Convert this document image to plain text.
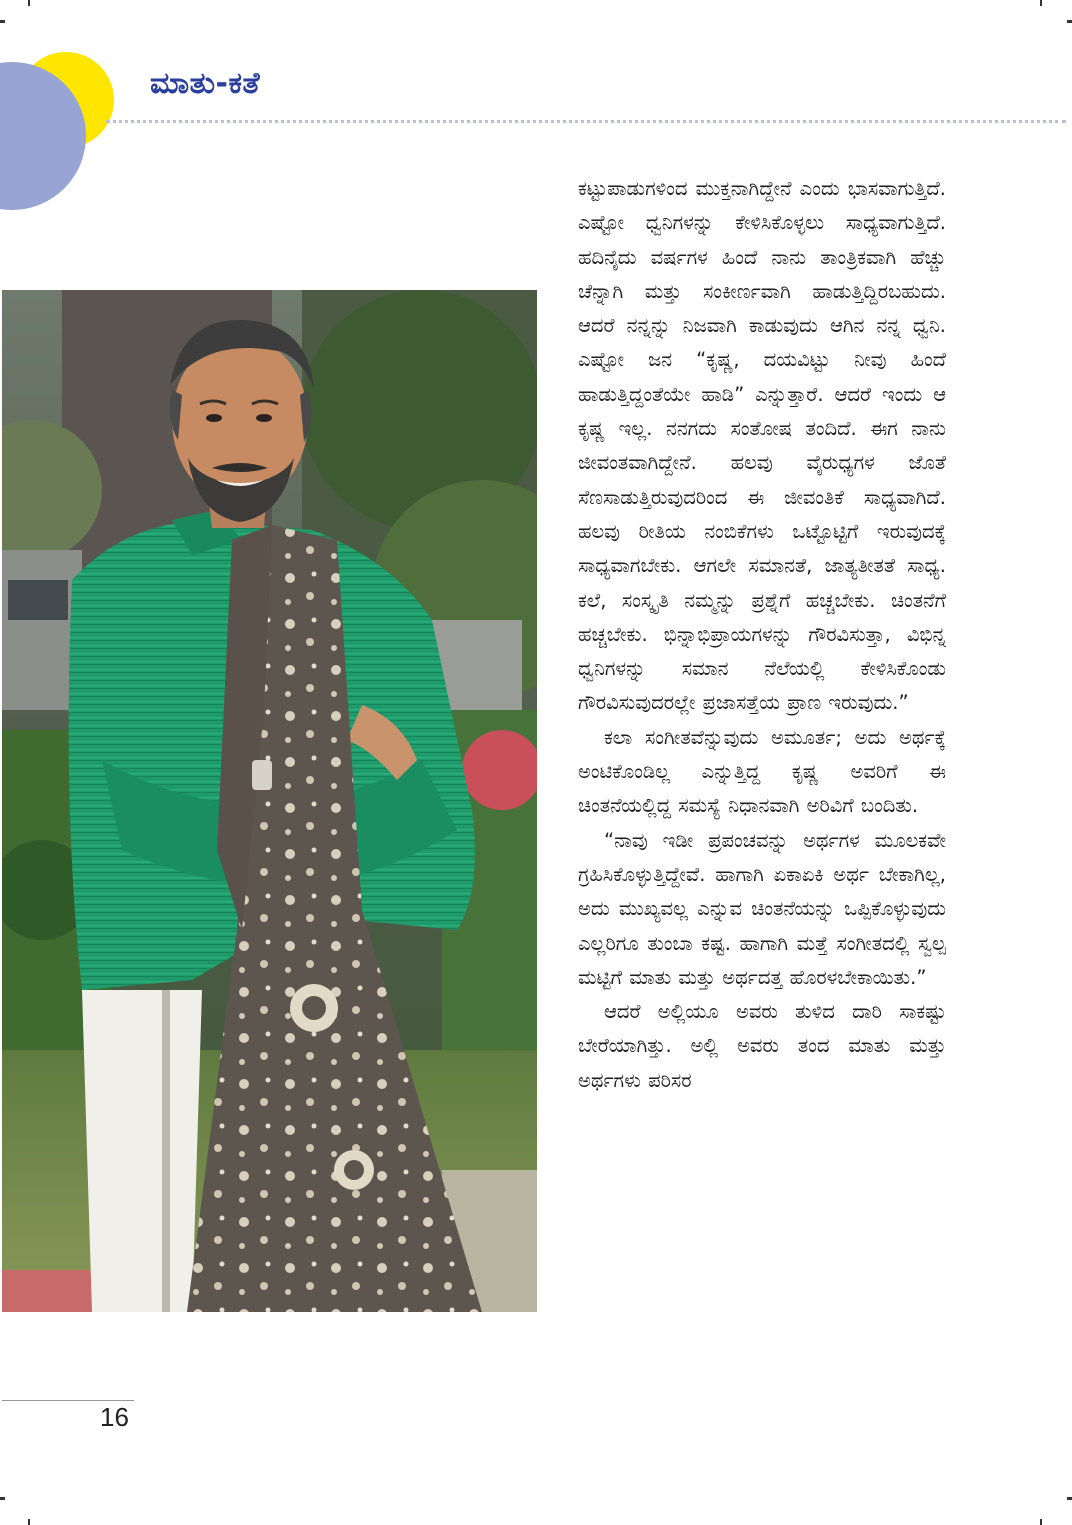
ಮಾತು-ಕತೆ

ಕಟ್ಟುಪಾಡುಗಳಿಂದ ಮುಕ್ತನಾಗಿದ್ದೇನೆ ಎಂದು ಭಾಸವಾಗುತ್ತಿದೆ. ಎಷ್ಟೋ ಧ್ವನಿಗಳನ್ನು ಕೇಳಿಸಿಕೊಳ್ಳಲು ಸಾಧ್ಯವಾಗುತ್ತಿದೆ. ಹದಿನೈದು ವರ್ಷಗಳ ಹಿಂದೆ ನಾನು ತಾಂತ್ರಿಕವಾಗಿ ಹೆಚ್ಚು ಚೆನ್ನಾಗಿ ಮತ್ತು ಸಂಕೀರ್ಣವಾಗಿ ಹಾಡುತ್ತಿದ್ದಿರಬಹುದು. ಆದರೆ ನನ್ನನ್ನು ನಿಜವಾಗಿ ಕಾಡುವುದು ಆಗಿನ ನನ್ನ ಧ್ವನಿ. ಎಷ್ಟೋ ಜನ “ಕೃಷ್ಣ, ದಯವಿಟ್ಟು ನೀವು ಹಿಂದೆ ಹಾಡುತ್ತಿದ್ದಂತೆಯೇ ಹಾಡಿ” ಎನ್ನುತ್ತಾರೆ. ಆದರೆ ಇಂದು ಆ ಕೃಷ್ಣ ಇಲ್ಲ. ನನಗದು ಸಂತೋಷ ತಂದಿದೆ. ಈಗ ನಾನು ಜೀವಂತವಾಗಿದ್ದೇನೆ. ಹಲವು ವೈರುಧ್ಯಗಳ ಜೊತೆ ಸೆಣಸಾಡುತ್ತಿರುವುದರಿಂದ ಈ ಜೀವಂತಿಕೆ ಸಾಧ್ಯವಾಗಿದೆ. ಹಲವು ರೀತಿಯ ನಂಬಿಕೆಗಳು ಒಟ್ಟೊಟ್ಟಿಗೆ ಇರುವುದಕ್ಕೆ ಸಾಧ್ಯವಾಗಬೇಕು. ಆಗಲೇ ಸಮಾನತೆ, ಜಾತ್ಯತೀತತೆ ಸಾಧ್ಯ. ಕಲೆ, ಸಂಸ್ಕೃತಿ ನಮ್ಮನ್ನು ಪ್ರಶ್ನೆಗೆ ಹಚ್ಚಬೇಕು. ಚಿಂತನೆಗೆ ಹಚ್ಚಬೇಕು. ಭಿನ್ನಾಭಿಪ್ರಾಯಗಳನ್ನು ಗೌರವಿಸುತ್ತಾ, ವಿಭಿನ್ನ ಧ್ವನಿಗಳನ್ನು ಸಮಾನ ನೆಲೆಯಲ್ಲಿ ಕೇಳಿಸಿಕೊಂಡು ಗೌರವಿಸುವುದರಲ್ಲೇ ಪ್ರಜಾಸತ್ತೆಯ ಪ್ರಾಣ ಇರುವುದು.”

ಕಲಾ ಸಂಗೀತವೆನ್ನುವುದು ಅಮೂರ್ತ; ಅದು ಅರ್ಥಕ್ಕೆ ಅಂಟಿಕೊಂಡಿಲ್ಲ ಎನ್ನುತ್ತಿದ್ದ ಕೃಷ್ಣ ಅವರಿಗೆ ಈ ಚಿಂತನೆಯಲ್ಲಿದ್ದ ಸಮಸ್ಯೆ ನಿಧಾನವಾಗಿ ಅರಿವಿಗೆ ಬಂದಿತು.

“ನಾವು ಇಡೀ ಪ್ರಪಂಚವನ್ನು ಅರ್ಥಗಳ ಮೂಲಕವೇ ಗ್ರಹಿಸಿಕೊಳ್ಳುತ್ತಿದ್ದೇವೆ. ಹಾಗಾಗಿ ಏಕಾಏಕಿ ಅರ್ಥ ಬೇಕಾಗಿಲ್ಲ, ಅದು ಮುಖ್ಯವಲ್ಲ ಎನ್ನುವ ಚಿಂತನೆಯನ್ನು ಒಪ್ಪಿಕೊಳ್ಳುವುದು ಎಲ್ಲರಿಗೂ ತುಂಬಾ ಕಷ್ಟ. ಹಾಗಾಗಿ ಮತ್ತೆ ಸಂಗೀತದಲ್ಲಿ ಸ್ವಲ್ಪ ಮಟ್ಟಿಗೆ ಮಾತು ಮತ್ತು ಅರ್ಥದತ್ತ ಹೊರಳಬೇಕಾಯಿತು.”

ಆದರೆ ಅಲ್ಲಿಯೂ ಅವರು ತುಳಿದ ದಾರಿ ಸಾಕಷ್ಟು ಬೇರೆಯಾಗಿತ್ತು. ಅಲ್ಲಿ ಅವರು ತಂದ ಮಾತು ಮತ್ತು ಅರ್ಥಗಳು ಪರಿಸರ

16
